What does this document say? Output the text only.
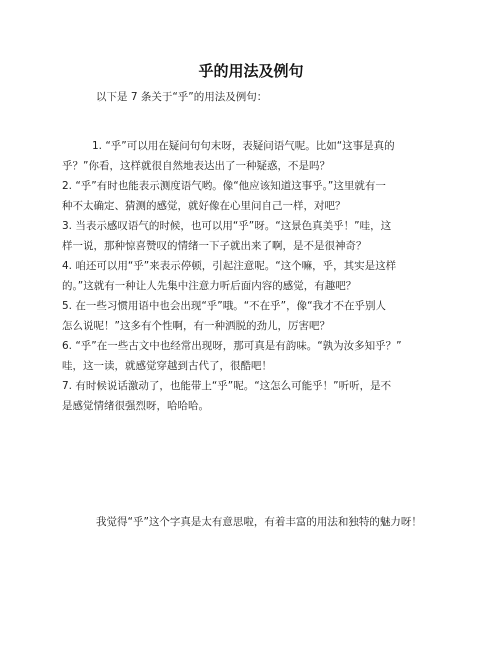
乎的用法及例句

以下是 7 条关于“乎”的用法及例句：

1. “乎”可以用在疑问句句末呀，表疑问语气呢。比如“这事是真的
乎？”你看，这样就很自然地表达出了一种疑惑，不是吗？
2. “乎”有时也能表示测度语气哟。像“他应该知道这事乎。”这里就有一
种不太确定、猜测的感觉，就好像在心里问自己一样，对吧？
3. 当表示感叹语气的时候，也可以用“乎”呀。“这景色真美乎！”哇，这
样一说，那种惊喜赞叹的情绪一下子就出来了啊，是不是很神奇？
4. 咱还可以用“乎”来表示停顿，引起注意呢。“这个嘛，乎，其实是这样
的。”这就有一种让人先集中注意力听后面内容的感觉，有趣吧？
5. 在一些习惯用语中也会出现“乎”哦。“不在乎”，像“我才不在乎别人
怎么说呢！”这多有个性啊，有一种洒脱的劲儿，厉害吧？
6. “乎”在一些古文中也经常出现呀，那可真是有韵味。“孰为汝多知乎？”
哇，这一读，就感觉穿越到古代了，很酷吧！
7. 有时候说话激动了，也能带上“乎”呢。“这怎么可能乎！”听听，是不
是感觉情绪很强烈呀，哈哈哈。

我觉得“乎”这个字真是太有意思啦，有着丰富的用法和独特的魅力呀！
